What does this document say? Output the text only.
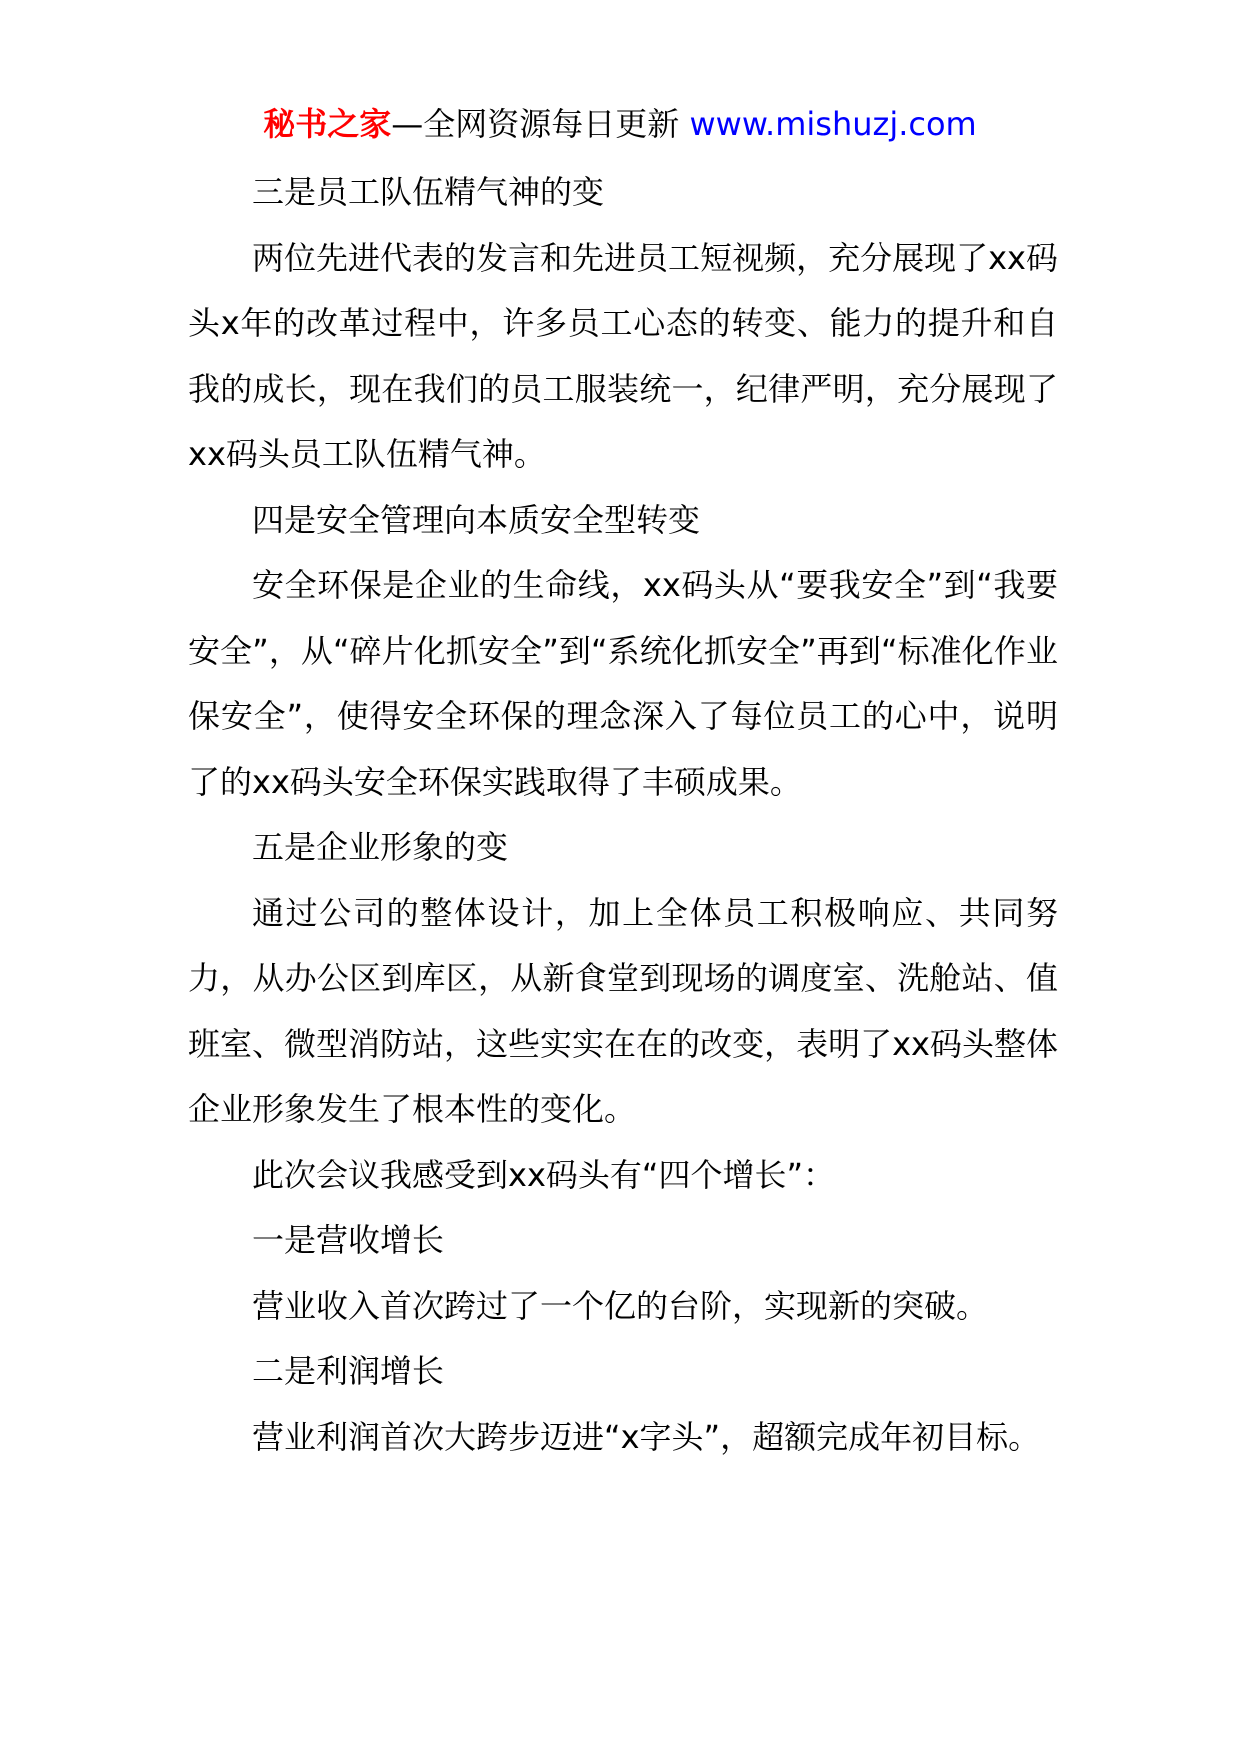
秘书之家—全网资源每日更新 www.mishuzj.com

三是员工队伍精气神的变

两位先进代表的发言和先进员工短视频，充分展现了xx码头x年的改革过程中，许多员工心态的转变、能力的提升和自我的成长，现在我们的员工服装统一，纪律严明，充分展现了xx码头员工队伍精气神。

四是安全管理向本质安全型转变

安全环保是企业的生命线，xx码头从“要我安全”到“我要安全”，从“碎片化抓安全”到“系统化抓安全”再到“标准化作业保安全”，使得安全环保的理念深入了每位员工的心中，说明了的xx码头安全环保实践取得了丰硕成果。

五是企业形象的变

通过公司的整体设计，加上全体员工积极响应、共同努力，从办公区到库区，从新食堂到现场的调度室、洗舱站、值班室、微型消防站，这些实实在在的改变，表明了xx码头整体企业形象发生了根本性的变化。

此次会议我感受到xx码头有“四个增长”：

一是营收增长

营业收入首次跨过了一个亿的台阶，实现新的突破。

二是利润增长

营业利润首次大跨步迈进“x字头”，超额完成年初目标。
